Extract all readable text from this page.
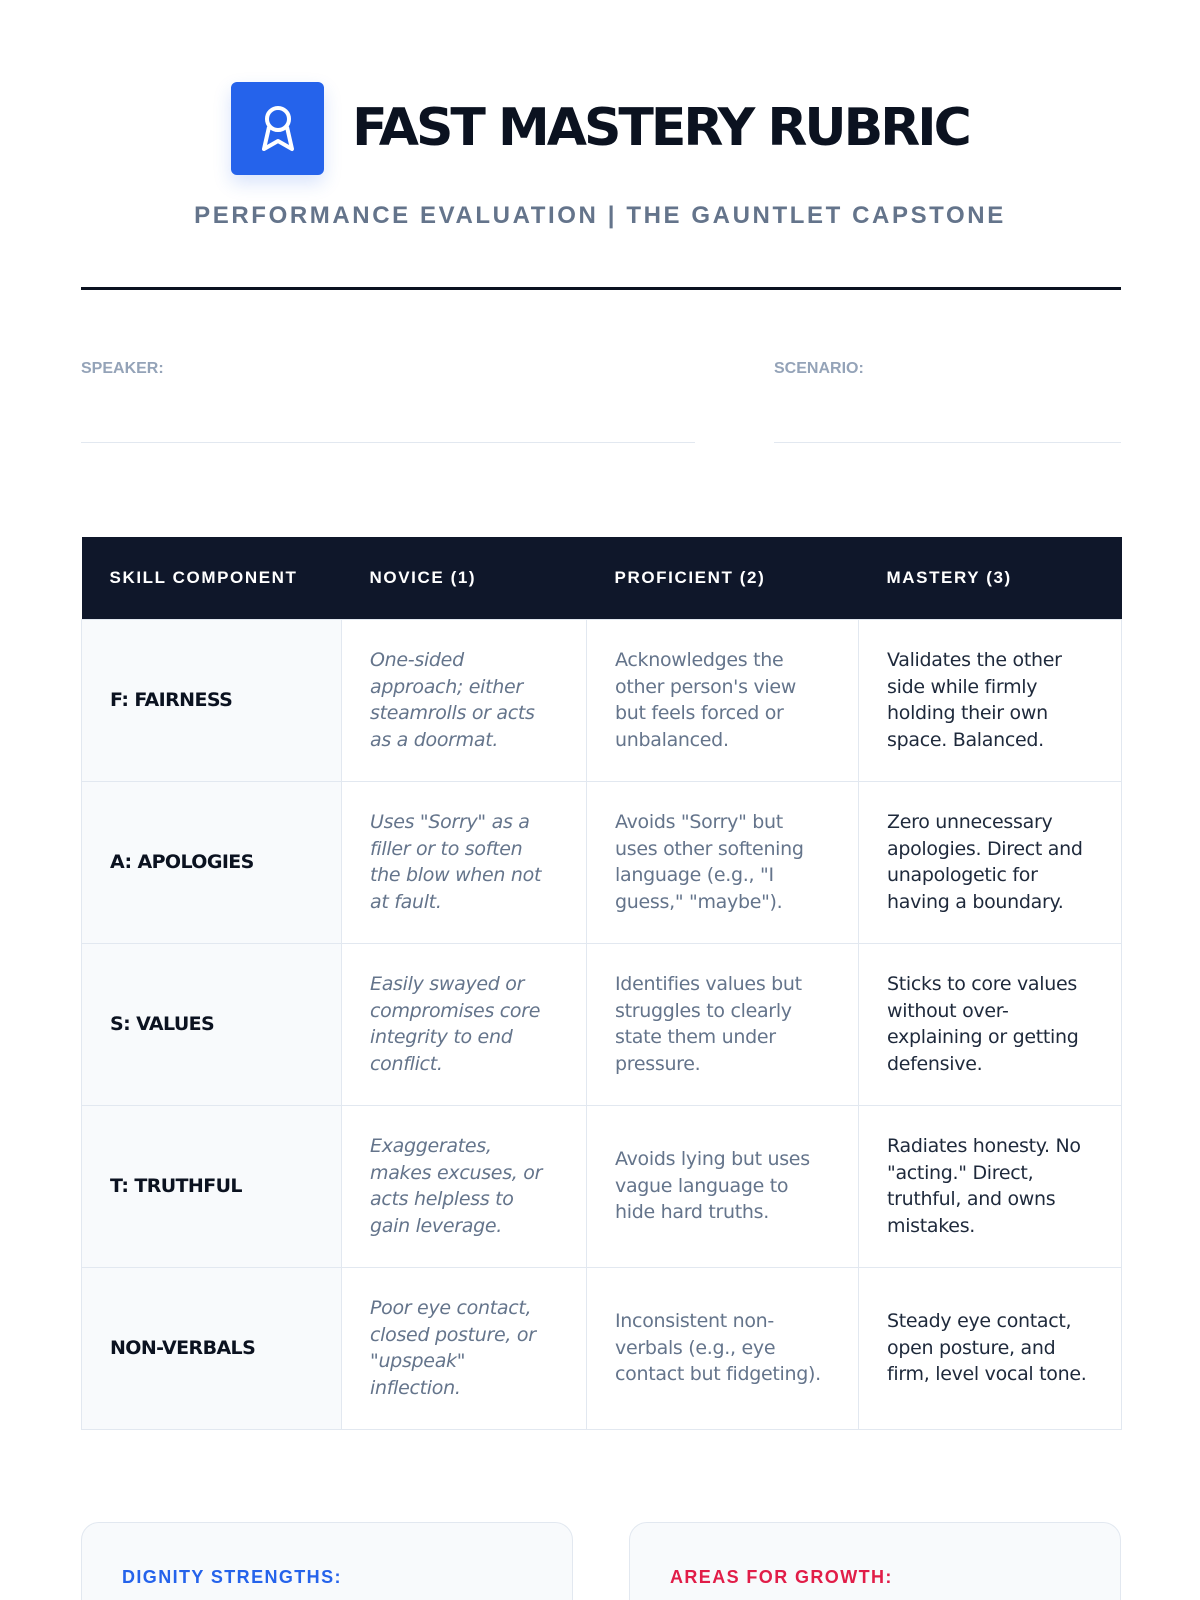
FAST MASTERY RUBRIC
PERFORMANCE EVALUATION | THE GAUNTLET CAPSTONE
SPEAKER:	SCENARIO:
SKILL COMPONENT	NOVICE (1)	PROFICIENT (2)	MASTERY (3)
F: FAIRNESS	One-sided approach; either steamrolls or acts as a doormat.	Acknowledges the other person's view but feels forced or unbalanced.	Validates the other side while firmly holding their own space. Balanced.
A: APOLOGIES	Uses "Sorry" as a filler or to soften the blow when not at fault.	Avoids "Sorry" but uses other softening language (e.g., "I guess," "maybe").	Zero unnecessary apologies. Direct and unapologetic for having a boundary.
S: VALUES	Easily swayed or compromises core integrity to end conflict.	Identifies values but struggles to clearly state them under pressure.	Sticks to core values without over-explaining or getting defensive.
T: TRUTHFUL	Exaggerates, makes excuses, or acts helpless to gain leverage.	Avoids lying but uses vague language to hide hard truths.	Radiates honesty. No "acting." Direct, truthful, and owns mistakes.
NON-VERBALS	Poor eye contact, closed posture, or "upspeak" inflection.	Inconsistent non-verbals (e.g., eye contact but fidgeting).	Steady eye contact, open posture, and firm, level vocal tone.
DIGNITY STRENGTHS:	AREAS FOR GROWTH:
